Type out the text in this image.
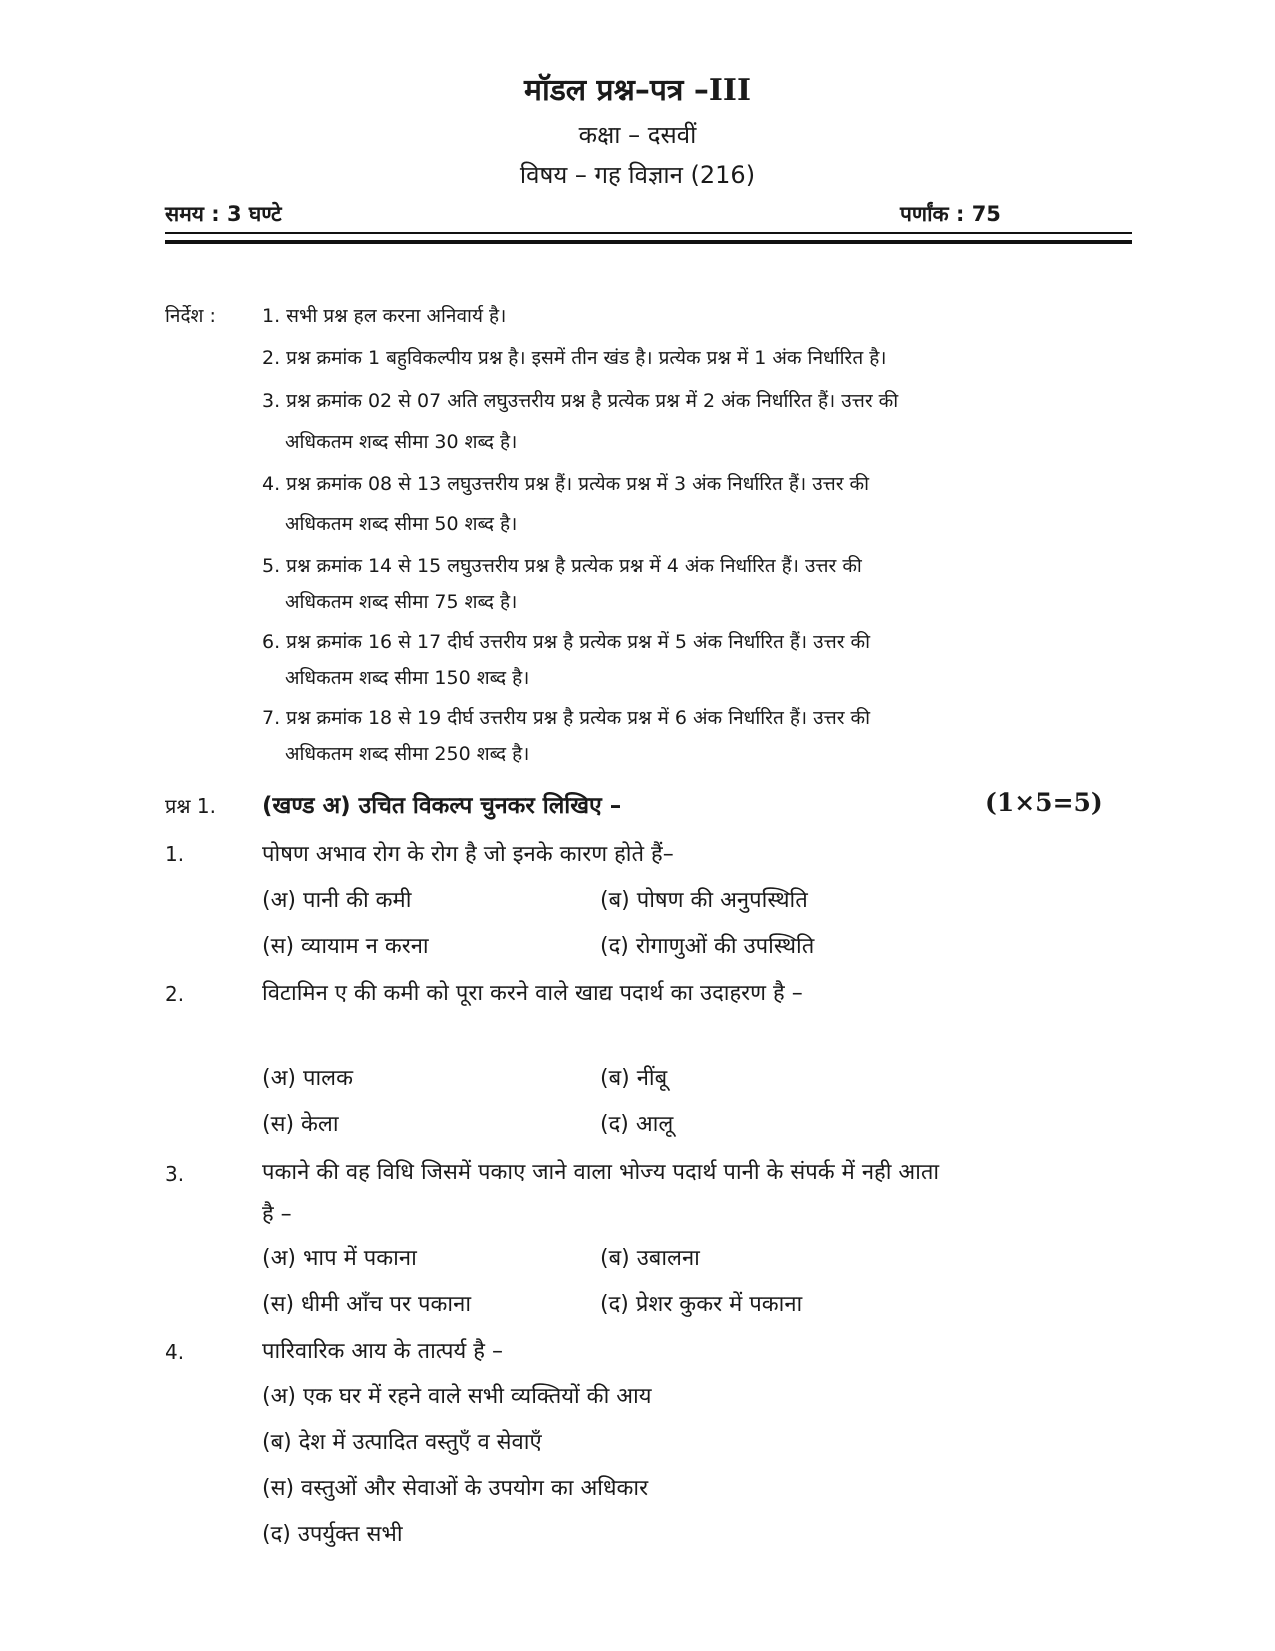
मॉडल प्रश्न–पत्र –III
कक्षा – दसवीं
विषय – गह विज्ञान (216)
समय : 3 घण्टे	पर्णांक : 75
निर्देश : 1. सभी प्रश्न हल करना अनिवार्य है।
2. प्रश्न क्रमांक 1 बहुविकल्पीय प्रश्न है। इसमें तीन खंड है। प्रत्येक प्रश्न में 1 अंक निर्धारित है।
3. प्रश्न क्रमांक 02 से 07 अति लघुउत्तरीय प्रश्न है प्रत्येक प्रश्न में 2 अंक निर्धारित हैं। उत्तर की
अधिकतम शब्द सीमा 30 शब्द है।
4. प्रश्न क्रमांक 08 से 13 लघुउत्तरीय प्रश्न हैं। प्रत्येक प्रश्न में 3 अंक निर्धारित हैं। उत्तर की
अधिकतम शब्द सीमा 50 शब्द है।
5. प्रश्न क्रमांक 14 से 15 लघुउत्तरीय प्रश्न है प्रत्येक प्रश्न में 4 अंक निर्धारित हैं। उत्तर की
अधिकतम शब्द सीमा 75 शब्द है।
6. प्रश्न क्रमांक 16 से 17 दीर्घ उत्तरीय प्रश्न है प्रत्येक प्रश्न में 5 अंक निर्धारित हैं। उत्तर की
अधिकतम शब्द सीमा 150 शब्द है।
7. प्रश्न क्रमांक 18 से 19 दीर्घ उत्तरीय प्रश्न है प्रत्येक प्रश्न में 6 अंक निर्धारित हैं। उत्तर की
अधिकतम शब्द सीमा 250 शब्द है।
प्रश्न 1. (खण्ड अ) उचित विकल्प चुनकर लिखिए –	(1×5=5)
1.	पोषण अभाव रोग के रोग है जो इनके कारण होते हैं–
(अ) पानी की कमी	(ब) पोषण की अनुपस्थिति
(स) व्यायाम न करना	(द) रोगाणुओं की उपस्थिति
2.	विटामिन ए की कमी को पूरा करने वाले खाद्य पदार्थ का उदाहरण है –
(अ) पालक	(ब) नींबू
(स) केला	(द) आलू
3.	पकाने की वह विधि जिसमें पकाए जाने वाला भोज्य पदार्थ पानी के संपर्क में नही आता
है –
(अ) भाप में पकाना	(ब) उबालना
(स) धीमी आँच पर पकाना	(द) प्रेशर कुकर में पकाना
4.	पारिवारिक आय के तात्पर्य है –
(अ) एक घर में रहने वाले सभी व्यक्तियों की आय
(ब) देश में उत्पादित वस्तुएँ व सेवाएँ
(स) वस्तुओं और सेवाओं के उपयोग का अधिकार
(द) उपर्युक्त सभी
